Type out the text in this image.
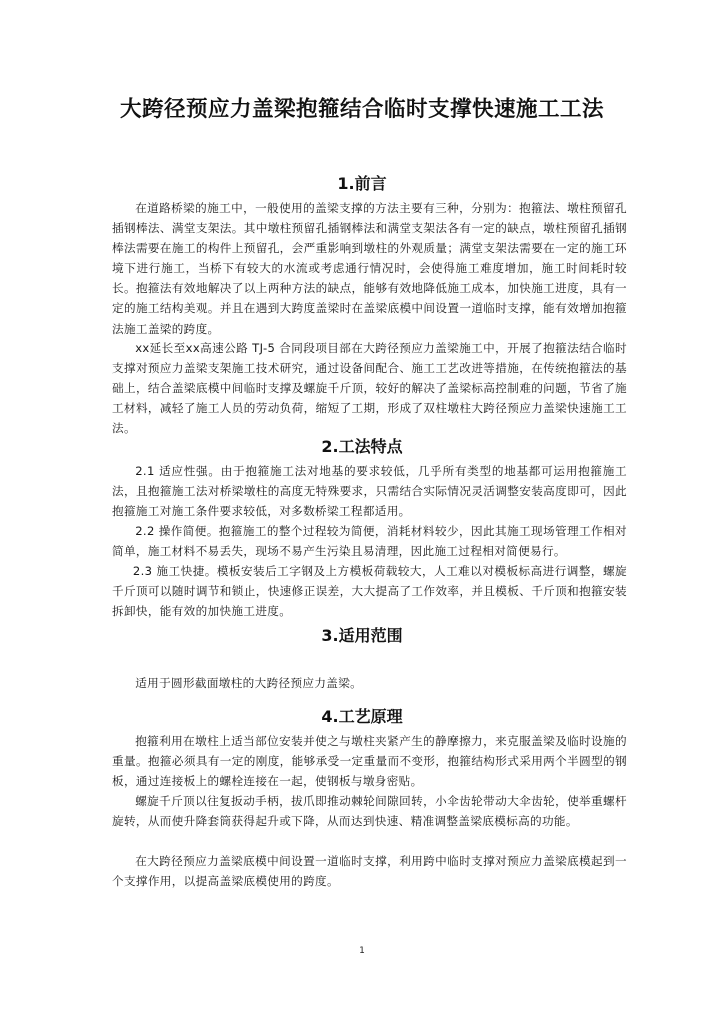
大跨径预应力盖梁抱箍结合临时支撑快速施工工法
1.前言

在道路桥梁的施工中，一般使用的盖梁支撑的方法主要有三种，分别为：抱箍法、墩柱预留孔插钢棒法、满堂支架法。其中墩柱预留孔插钢棒法和满堂支架法各有一定的缺点，墩柱预留孔插钢棒法需要在施工的构件上预留孔，会严重影响到墩柱的外观质量；满堂支架法需要在一定的施工环境下进行施工，当桥下有较大的水流或考虑通行情况时，会使得施工难度增加，施工时间耗时较长。抱箍法有效地解决了以上两种方法的缺点，能够有效地降低施工成本，加快施工进度，具有一定的施工结构美观。并且在遇到大跨度盖梁时在盖梁底模中间设置一道临时支撑，能有效增加抱箍法施工盖梁的跨度。

xx延长至xx高速公路 TJ-5 合同段项目部在大跨径预应力盖梁施工中，开展了抱箍法结合临时支撑对预应力盖梁支架施工技术研究，通过设备间配合、施工工艺改进等措施，在传统抱箍法的基础上，结合盖梁底模中间临时支撑及螺旋千斤顶，较好的解决了盖梁标高控制难的问题，节省了施工材料，减轻了施工人员的劳动负荷，缩短了工期，形成了双柱墩柱大跨径预应力盖梁快速施工工法。

2.工法特点

2.1 适应性强。由于抱箍施工法对地基的要求较低，几乎所有类型的地基都可运用抱箍施工法，且抱箍施工法对桥梁墩柱的高度无特殊要求，只需结合实际情况灵活调整安装高度即可，因此抱箍施工对施工条件要求较低，对多数桥梁工程都适用。

2.2 操作简便。抱箍施工的整个过程较为简便，消耗材料较少，因此其施工现场管理工作相对简单，施工材料不易丢失，现场不易产生污染且易清理，因此施工过程相对简便易行。

2.3 施工快捷。模板安装后工字钢及上方模板荷载较大，人工难以对模板标高进行调整，螺旋千斤顶可以随时调节和锁止，快速修正误差，大大提高了工作效率，并且模板、千斤顶和抱箍安装拆卸快，能有效的加快施工进度。

3.适用范围

适用于圆形截面墩柱的大跨径预应力盖梁。

4.工艺原理

抱箍利用在墩柱上适当部位安装并使之与墩柱夹紧产生的静摩擦力，来克服盖梁及临时设施的重量。抱箍必须具有一定的刚度，能够承受一定重量而不变形，抱箍结构形式采用两个半圆型的钢板，通过连接板上的螺栓连接在一起，使钢板与墩身密贴。

螺旋千斤顶以往复扳动手柄，拔爪即推动棘轮间隙回转，小伞齿轮带动大伞齿轮，使举重螺杆旋转，从而使升降套筒获得起升或下降，从而达到快速、精准调整盖梁底模标高的功能。

在大跨径预应力盖梁底模中间设置一道临时支撑，利用跨中临时支撑对预应力盖梁底模起到一个支撑作用，以提高盖梁底模使用的跨度。

1
